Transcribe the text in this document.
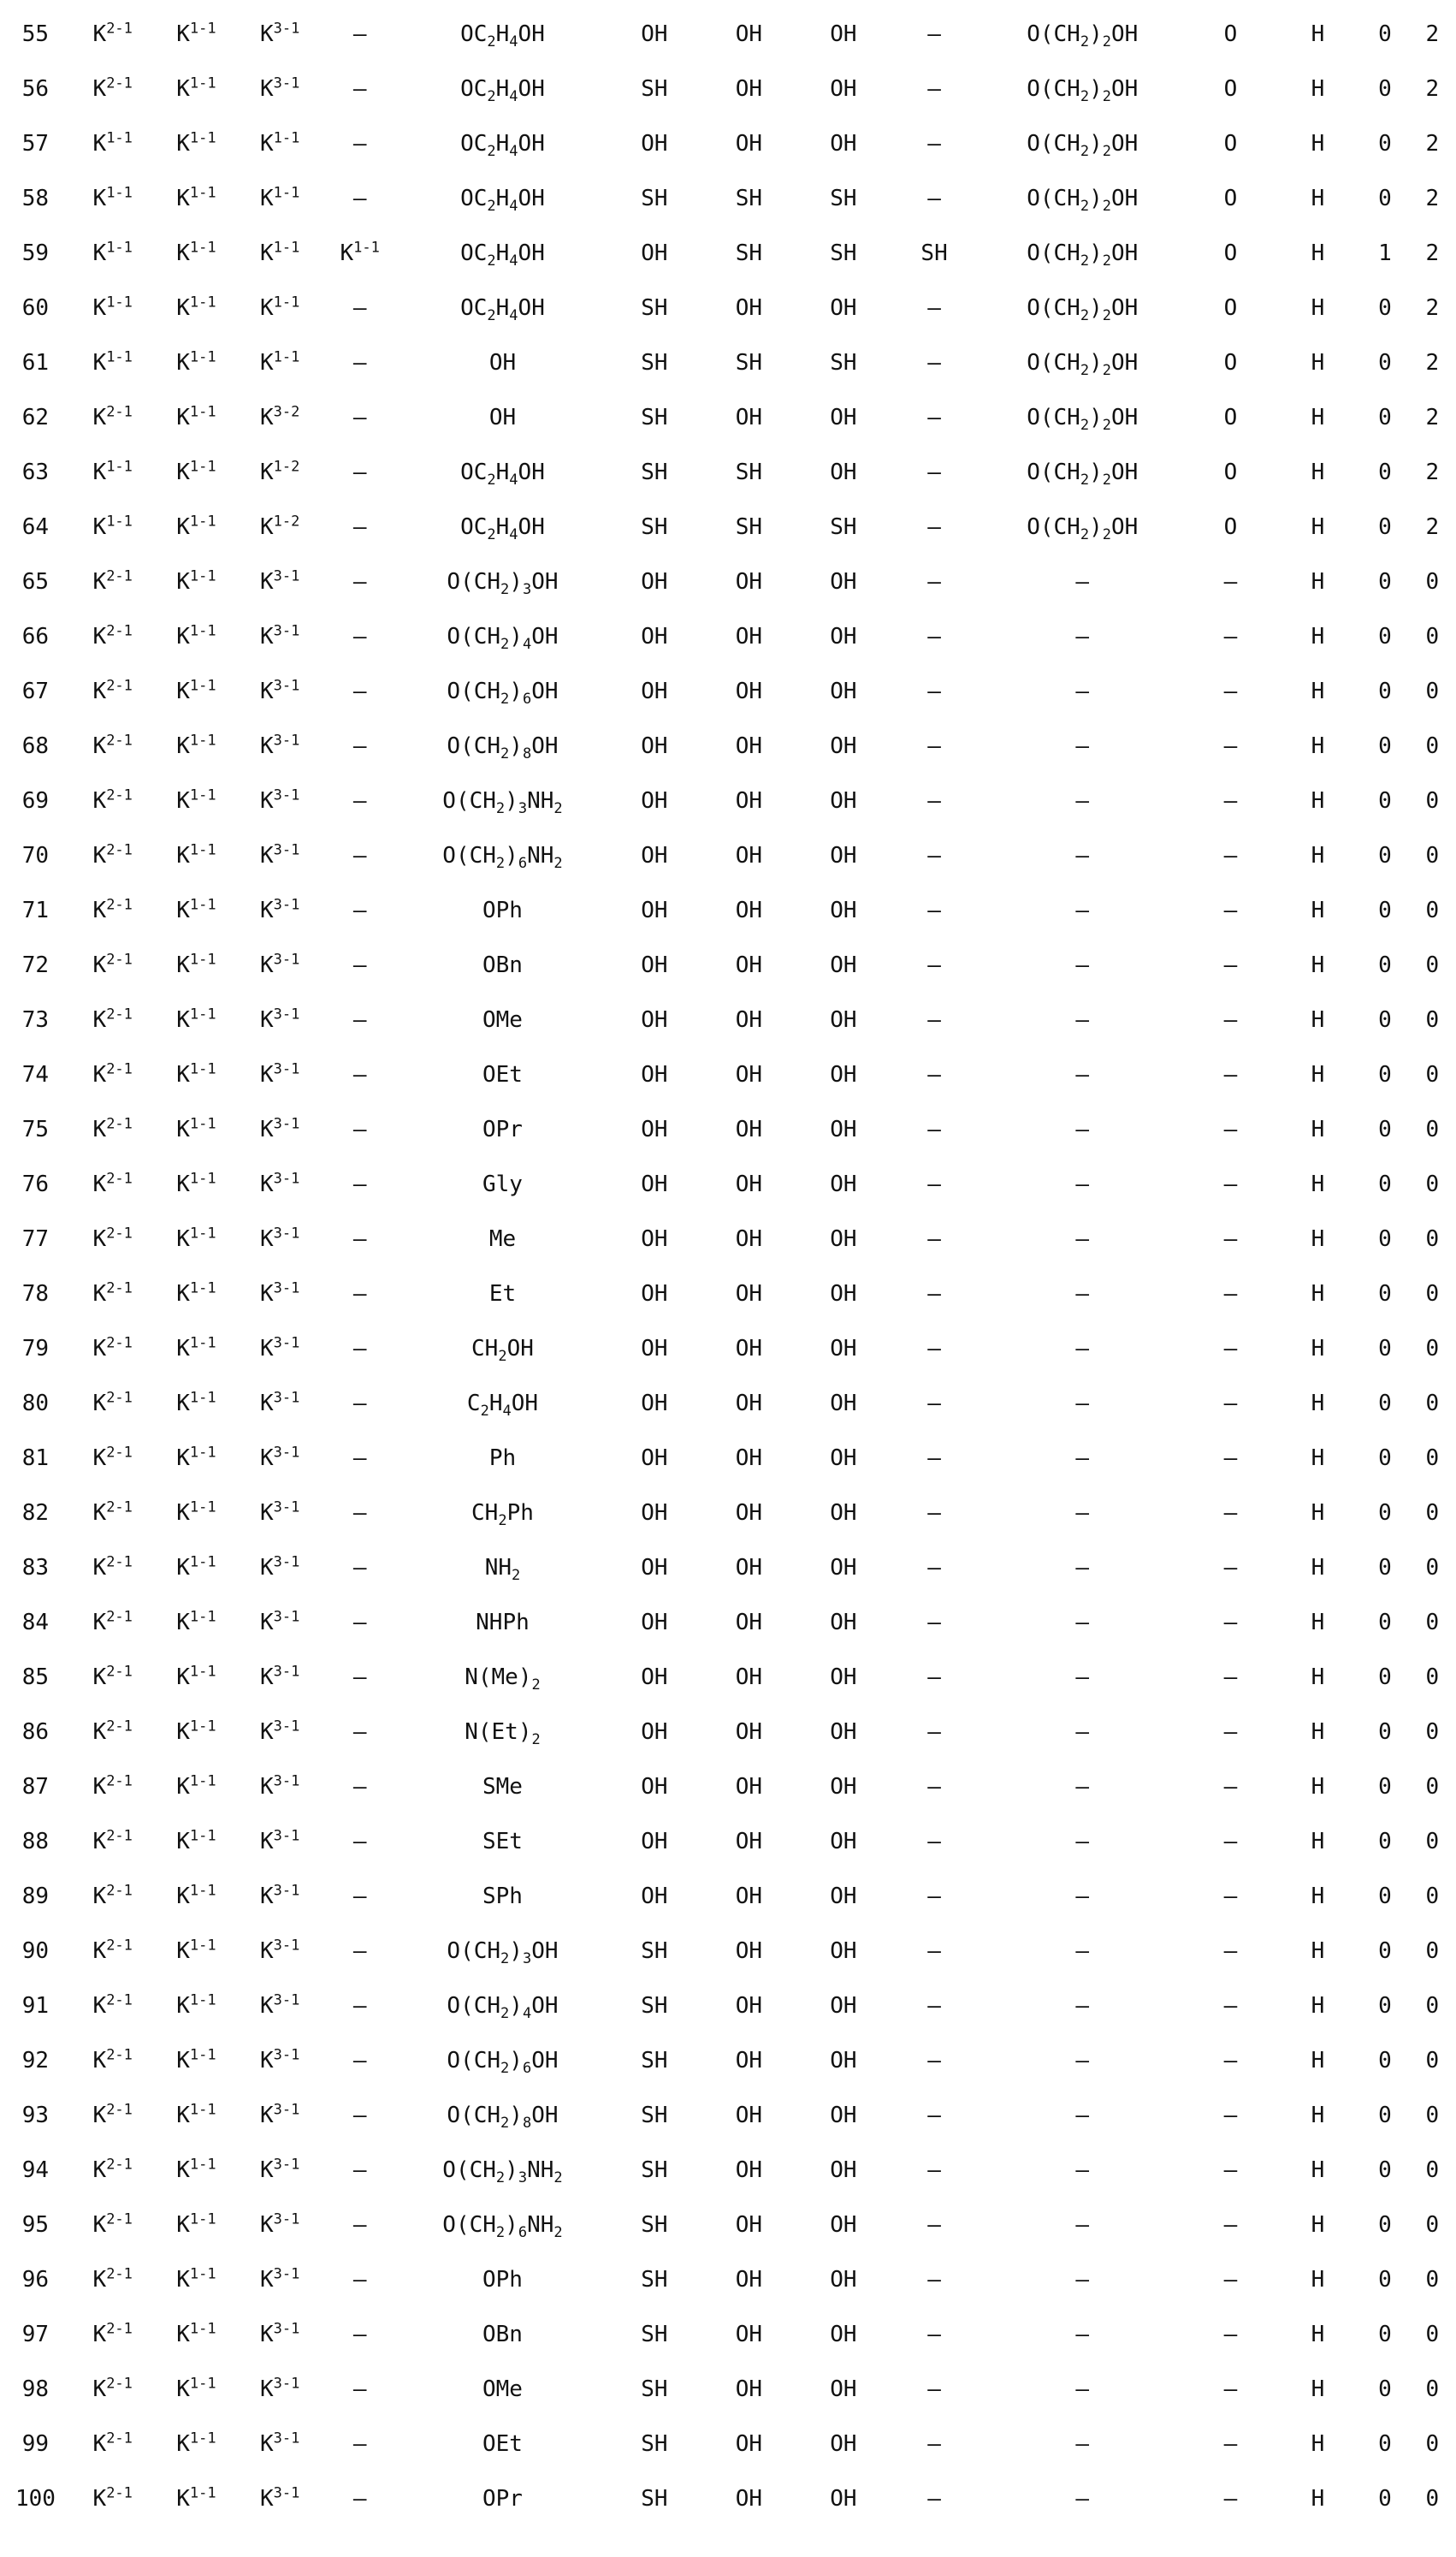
55	$K^{2-1}$	$K^{1-1}$	$K^{3-1}$	–	$OC_2H_4OH$	OH	OH	OH	–	$O(CH_2)_2OH$	O	H	0	2
56	$K^{2-1}$	$K^{1-1}$	$K^{3-1}$	–	$OC_2H_4OH$	SH	OH	OH	–	$O(CH_2)_2OH$	O	H	0	2
57	$K^{1-1}$	$K^{1-1}$	$K^{1-1}$	–	$OC_2H_4OH$	OH	OH	OH	–	$O(CH_2)_2OH$	O	H	0	2
58	$K^{1-1}$	$K^{1-1}$	$K^{1-1}$	–	$OC_2H_4OH$	SH	SH	SH	–	$O(CH_2)_2OH$	O	H	0	2
59	$K^{1-1}$	$K^{1-1}$	$K^{1-1}$	$K^{1-1}$	$OC_2H_4OH$	OH	SH	SH	SH	$O(CH_2)_2OH$	O	H	1	2
60	$K^{1-1}$	$K^{1-1}$	$K^{1-1}$	–	$OC_2H_4OH$	SH	OH	OH	–	$O(CH_2)_2OH$	O	H	0	2
61	$K^{1-1}$	$K^{1-1}$	$K^{1-1}$	–	OH	SH	SH	SH	–	$O(CH_2)_2OH$	O	H	0	2
62	$K^{2-1}$	$K^{1-1}$	$K^{3-2}$	–	OH	SH	OH	OH	–	$O(CH_2)_2OH$	O	H	0	2
63	$K^{1-1}$	$K^{1-1}$	$K^{1-2}$	–	$OC_2H_4OH$	SH	SH	OH	–	$O(CH_2)_2OH$	O	H	0	2
64	$K^{1-1}$	$K^{1-1}$	$K^{1-2}$	–	$OC_2H_4OH$	SH	SH	SH	–	$O(CH_2)_2OH$	O	H	0	2
65	$K^{2-1}$	$K^{1-1}$	$K^{3-1}$	–	$O(CH_2)_3OH$	OH	OH	OH	–	–	–	H	0	0
66	$K^{2-1}$	$K^{1-1}$	$K^{3-1}$	–	$O(CH_2)_4OH$	OH	OH	OH	–	–	–	H	0	0
67	$K^{2-1}$	$K^{1-1}$	$K^{3-1}$	–	$O(CH_2)_6OH$	OH	OH	OH	–	–	–	H	0	0
68	$K^{2-1}$	$K^{1-1}$	$K^{3-1}$	–	$O(CH_2)_8OH$	OH	OH	OH	–	–	–	H	0	0
69	$K^{2-1}$	$K^{1-1}$	$K^{3-1}$	–	$O(CH_2)_3NH_2$	OH	OH	OH	–	–	–	H	0	0
70	$K^{2-1}$	$K^{1-1}$	$K^{3-1}$	–	$O(CH_2)_6NH_2$	OH	OH	OH	–	–	–	H	0	0
71	$K^{2-1}$	$K^{1-1}$	$K^{3-1}$	–	OPh	OH	OH	OH	–	–	–	H	0	0
72	$K^{2-1}$	$K^{1-1}$	$K^{3-1}$	–	OBn	OH	OH	OH	–	–	–	H	0	0
73	$K^{2-1}$	$K^{1-1}$	$K^{3-1}$	–	OMe	OH	OH	OH	–	–	–	H	0	0
74	$K^{2-1}$	$K^{1-1}$	$K^{3-1}$	–	OEt	OH	OH	OH	–	–	–	H	0	0
75	$K^{2-1}$	$K^{1-1}$	$K^{3-1}$	–	OPr	OH	OH	OH	–	–	–	H	0	0
76	$K^{2-1}$	$K^{1-1}$	$K^{3-1}$	–	Gly	OH	OH	OH	–	–	–	H	0	0
77	$K^{2-1}$	$K^{1-1}$	$K^{3-1}$	–	Me	OH	OH	OH	–	–	–	H	0	0
78	$K^{2-1}$	$K^{1-1}$	$K^{3-1}$	–	Et	OH	OH	OH	–	–	–	H	0	0
79	$K^{2-1}$	$K^{1-1}$	$K^{3-1}$	–	$CH_2OH$	OH	OH	OH	–	–	–	H	0	0
80	$K^{2-1}$	$K^{1-1}$	$K^{3-1}$	–	$C_2H_4OH$	OH	OH	OH	–	–	–	H	0	0
81	$K^{2-1}$	$K^{1-1}$	$K^{3-1}$	–	Ph	OH	OH	OH	–	–	–	H	0	0
82	$K^{2-1}$	$K^{1-1}$	$K^{3-1}$	–	$CH_2Ph$	OH	OH	OH	–	–	–	H	0	0
83	$K^{2-1}$	$K^{1-1}$	$K^{3-1}$	–	$NH_2$	OH	OH	OH	–	–	–	H	0	0
84	$K^{2-1}$	$K^{1-1}$	$K^{3-1}$	–	NHPh	OH	OH	OH	–	–	–	H	0	0
85	$K^{2-1}$	$K^{1-1}$	$K^{3-1}$	–	$N(Me)_2$	OH	OH	OH	–	–	–	H	0	0
86	$K^{2-1}$	$K^{1-1}$	$K^{3-1}$	–	$N(Et)_2$	OH	OH	OH	–	–	–	H	0	0
87	$K^{2-1}$	$K^{1-1}$	$K^{3-1}$	–	SMe	OH	OH	OH	–	–	–	H	0	0
88	$K^{2-1}$	$K^{1-1}$	$K^{3-1}$	–	SEt	OH	OH	OH	–	–	–	H	0	0
89	$K^{2-1}$	$K^{1-1}$	$K^{3-1}$	–	SPh	OH	OH	OH	–	–	–	H	0	0
90	$K^{2-1}$	$K^{1-1}$	$K^{3-1}$	–	$O(CH_2)_3OH$	SH	OH	OH	–	–	–	H	0	0
91	$K^{2-1}$	$K^{1-1}$	$K^{3-1}$	–	$O(CH_2)_4OH$	SH	OH	OH	–	–	–	H	0	0
92	$K^{2-1}$	$K^{1-1}$	$K^{3-1}$	–	$O(CH_2)_6OH$	SH	OH	OH	–	–	–	H	0	0
93	$K^{2-1}$	$K^{1-1}$	$K^{3-1}$	–	$O(CH_2)_8OH$	SH	OH	OH	–	–	–	H	0	0
94	$K^{2-1}$	$K^{1-1}$	$K^{3-1}$	–	$O(CH_2)_3NH_2$	SH	OH	OH	–	–	–	H	0	0
95	$K^{2-1}$	$K^{1-1}$	$K^{3-1}$	–	$O(CH_2)_6NH_2$	SH	OH	OH	–	–	–	H	0	0
96	$K^{2-1}$	$K^{1-1}$	$K^{3-1}$	–	OPh	SH	OH	OH	–	–	–	H	0	0
97	$K^{2-1}$	$K^{1-1}$	$K^{3-1}$	–	OBn	SH	OH	OH	–	–	–	H	0	0
98	$K^{2-1}$	$K^{1-1}$	$K^{3-1}$	–	OMe	SH	OH	OH	–	–	–	H	0	0
99	$K^{2-1}$	$K^{1-1}$	$K^{3-1}$	–	OEt	SH	OH	OH	–	–	–	H	0	0
100	$K^{2-1}$	$K^{1-1}$	$K^{3-1}$	–	OPr	SH	OH	OH	–	–	–	H	0	0
